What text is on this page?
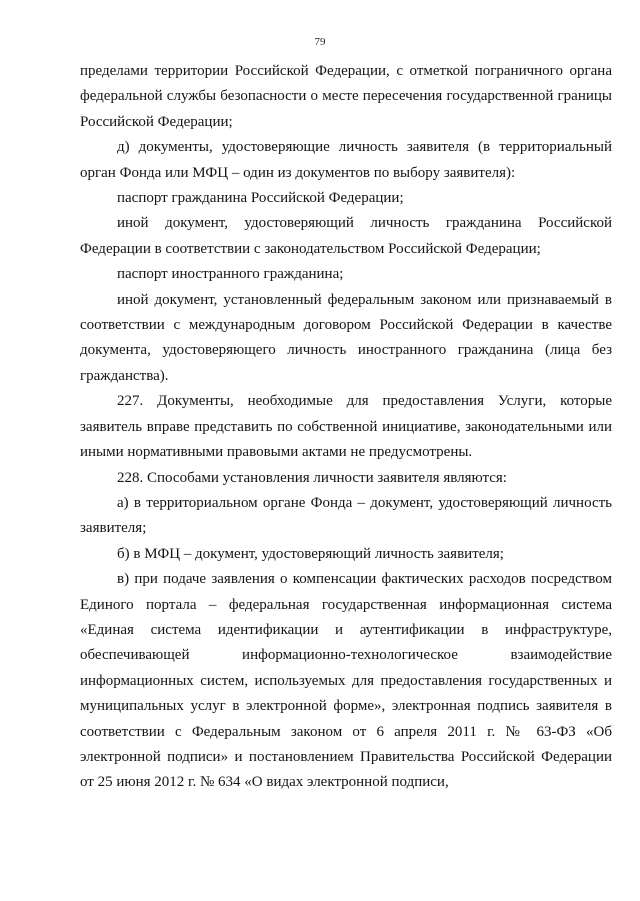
79

пределами территории Российской Федерации, с отметкой пограничного органа федеральной службы безопасности о месте пересечения государственной границы Российской Федерации;

д) документы, удостоверяющие личность заявителя (в территориальный орган Фонда или МФЦ – один из документов по выбору заявителя):

паспорт гражданина Российской Федерации;

иной документ, удостоверяющий личность гражданина Российской Федерации в соответствии с законодательством Российской Федерации;

паспорт иностранного гражданина;

иной документ, установленный федеральным законом или признаваемый в соответствии с международным договором Российской Федерации в качестве документа, удостоверяющего личность иностранного гражданина (лица без гражданства).

227. Документы, необходимые для предоставления Услуги, которые заявитель вправе представить по собственной инициативе, законодательными или иными нормативными правовыми актами не предусмотрены.

228. Способами установления личности заявителя являются:

а) в территориальном органе Фонда – документ, удостоверяющий личность заявителя;

б) в МФЦ – документ, удостоверяющий личность заявителя;

в) при подаче заявления о компенсации фактических расходов посредством Единого портала – федеральная государственная информационная система «Единая система идентификации и аутентификации в инфраструктуре, обеспечивающей информационно-технологическое взаимодействие информационных систем, используемых для предоставления государственных и муниципальных услуг в электронной форме», электронная подпись заявителя в соответствии с Федеральным законом от 6 апреля 2011 г. № 63-ФЗ «Об электронной подписи» и постановлением Правительства Российской Федерации от 25 июня 2012 г. № 634 «О видах электронной подписи,
